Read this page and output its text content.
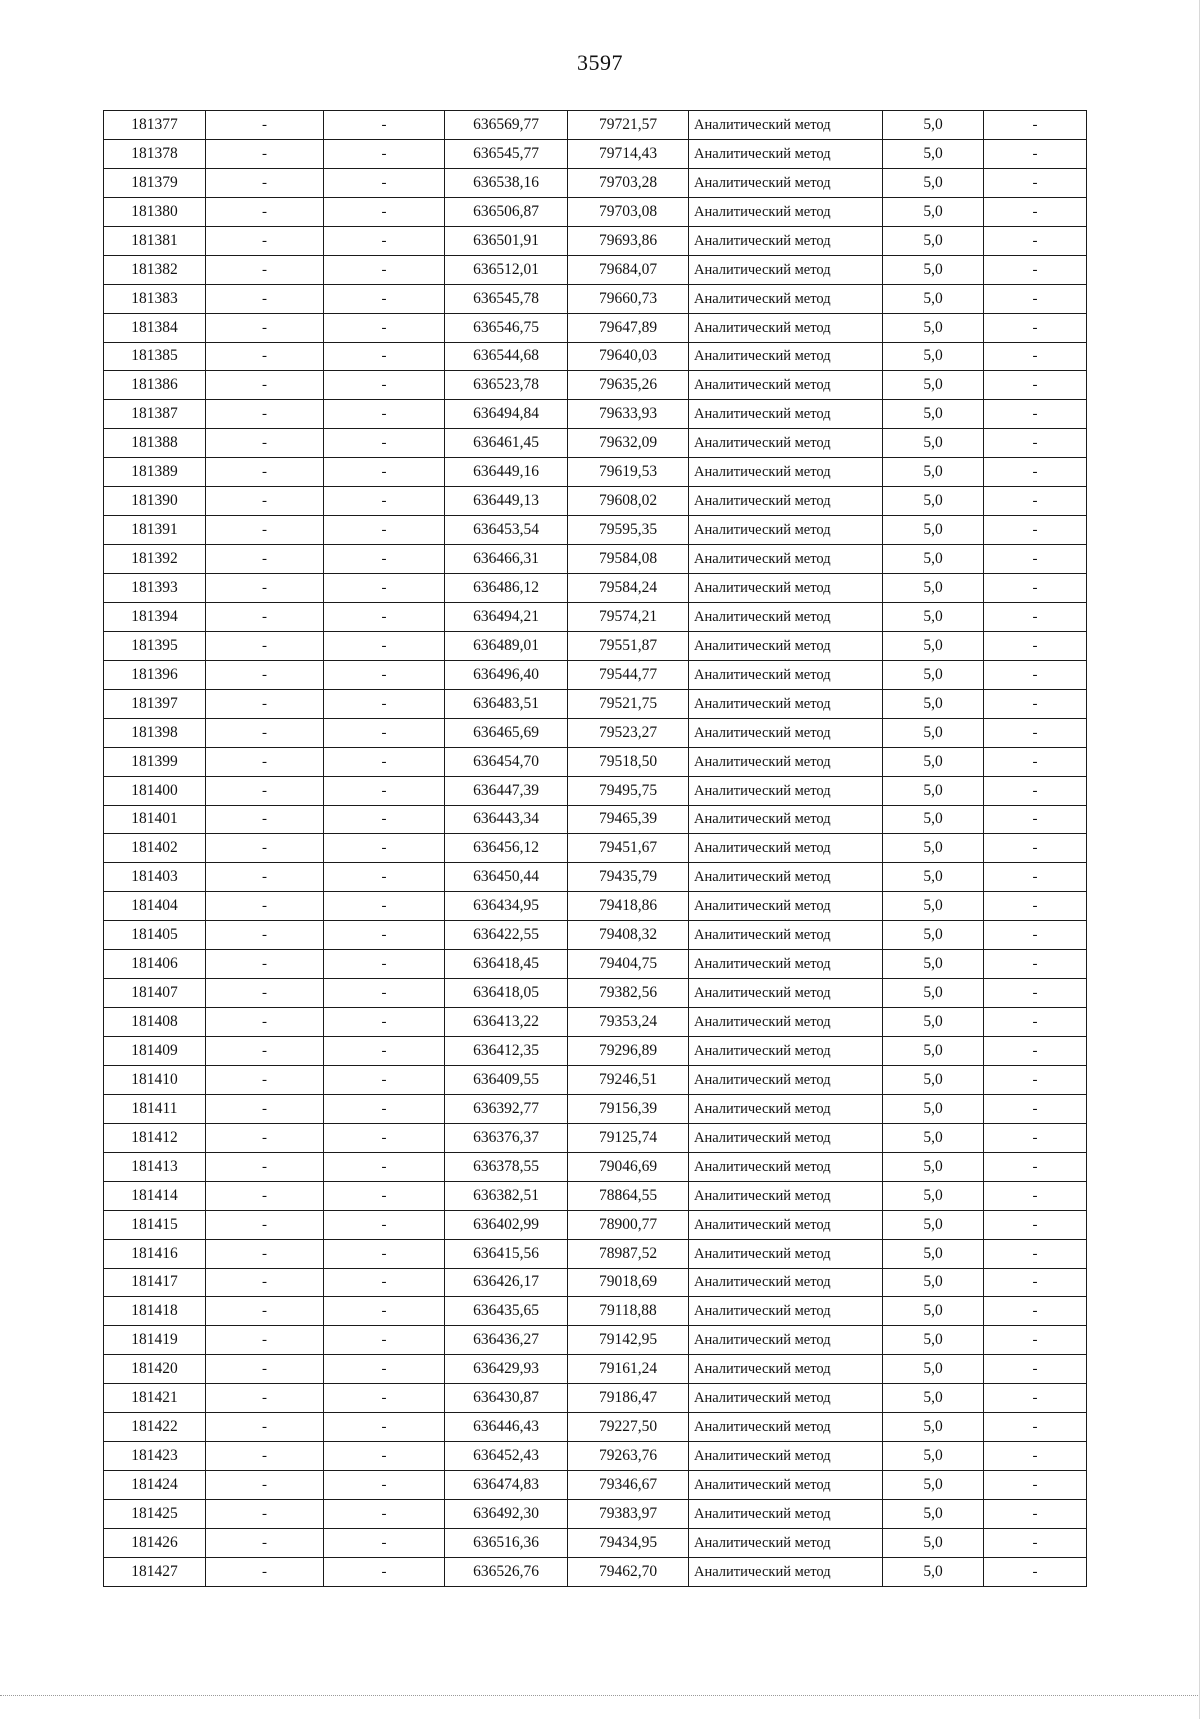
3597
181377	-	-	636569,77	79721,57	Аналитический метод	5,0	-
181378	-	-	636545,77	79714,43	Аналитический метод	5,0	-
181379	-	-	636538,16	79703,28	Аналитический метод	5,0	-
181380	-	-	636506,87	79703,08	Аналитический метод	5,0	-
181381	-	-	636501,91	79693,86	Аналитический метод	5,0	-
181382	-	-	636512,01	79684,07	Аналитический метод	5,0	-
181383	-	-	636545,78	79660,73	Аналитический метод	5,0	-
181384	-	-	636546,75	79647,89	Аналитический метод	5,0	-
181385	-	-	636544,68	79640,03	Аналитический метод	5,0	-
181386	-	-	636523,78	79635,26	Аналитический метод	5,0	-
181387	-	-	636494,84	79633,93	Аналитический метод	5,0	-
181388	-	-	636461,45	79632,09	Аналитический метод	5,0	-
181389	-	-	636449,16	79619,53	Аналитический метод	5,0	-
181390	-	-	636449,13	79608,02	Аналитический метод	5,0	-
181391	-	-	636453,54	79595,35	Аналитический метод	5,0	-
181392	-	-	636466,31	79584,08	Аналитический метод	5,0	-
181393	-	-	636486,12	79584,24	Аналитический метод	5,0	-
181394	-	-	636494,21	79574,21	Аналитический метод	5,0	-
181395	-	-	636489,01	79551,87	Аналитический метод	5,0	-
181396	-	-	636496,40	79544,77	Аналитический метод	5,0	-
181397	-	-	636483,51	79521,75	Аналитический метод	5,0	-
181398	-	-	636465,69	79523,27	Аналитический метод	5,0	-
181399	-	-	636454,70	79518,50	Аналитический метод	5,0	-
181400	-	-	636447,39	79495,75	Аналитический метод	5,0	-
181401	-	-	636443,34	79465,39	Аналитический метод	5,0	-
181402	-	-	636456,12	79451,67	Аналитический метод	5,0	-
181403	-	-	636450,44	79435,79	Аналитический метод	5,0	-
181404	-	-	636434,95	79418,86	Аналитический метод	5,0	-
181405	-	-	636422,55	79408,32	Аналитический метод	5,0	-
181406	-	-	636418,45	79404,75	Аналитический метод	5,0	-
181407	-	-	636418,05	79382,56	Аналитический метод	5,0	-
181408	-	-	636413,22	79353,24	Аналитический метод	5,0	-
181409	-	-	636412,35	79296,89	Аналитический метод	5,0	-
181410	-	-	636409,55	79246,51	Аналитический метод	5,0	-
181411	-	-	636392,77	79156,39	Аналитический метод	5,0	-
181412	-	-	636376,37	79125,74	Аналитический метод	5,0	-
181413	-	-	636378,55	79046,69	Аналитический метод	5,0	-
181414	-	-	636382,51	78864,55	Аналитический метод	5,0	-
181415	-	-	636402,99	78900,77	Аналитический метод	5,0	-
181416	-	-	636415,56	78987,52	Аналитический метод	5,0	-
181417	-	-	636426,17	79018,69	Аналитический метод	5,0	-
181418	-	-	636435,65	79118,88	Аналитический метод	5,0	-
181419	-	-	636436,27	79142,95	Аналитический метод	5,0	-
181420	-	-	636429,93	79161,24	Аналитический метод	5,0	-
181421	-	-	636430,87	79186,47	Аналитический метод	5,0	-
181422	-	-	636446,43	79227,50	Аналитический метод	5,0	-
181423	-	-	636452,43	79263,76	Аналитический метод	5,0	-
181424	-	-	636474,83	79346,67	Аналитический метод	5,0	-
181425	-	-	636492,30	79383,97	Аналитический метод	5,0	-
181426	-	-	636516,36	79434,95	Аналитический метод	5,0	-
181427	-	-	636526,76	79462,70	Аналитический метод	5,0	-
